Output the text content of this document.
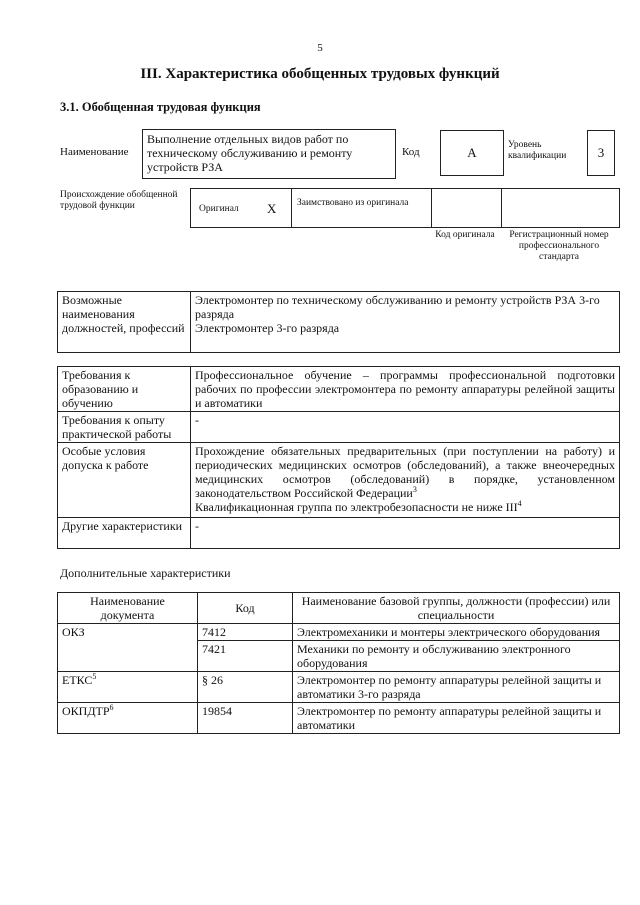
5
III. Характеристика обобщенных трудовых функций
3.1. Обобщенная трудовая функция
Наименование
Выполнение отдельных видов работ по техническому обслуживанию и ремонту устройств РЗА
Код	А	Уровень квалификации	3
Происхождение обобщенной трудовой функции	Оригинал X Заимствовано из оригинала
Код оригинала	Регистрационный номер профессионального стандарта
Возможные наименования должностей, профессий	
Электромонтер по техническому обслуживанию и ремонту устройств РЗА 3-го разряда
Электромонтер 3-го разряда
Требования к образованию и обучению	Профессиональное обучение – программы профессиональной подготовки рабочих по профессии электромонтера по ремонту аппаратуры релейной защиты и автоматики
Требования к опыту практической работы	-
Особые условия допуска к работе	Прохождение обязательных предварительных (при поступлении на работу) и периодических медицинских осмотров (обследований), а также внеочередных медицинских осмотров (обследований) в порядке, установленном законодательством Российской Федерации$^3$
Квалификационная группа по электробезопасности не ниже III$^4$

Другие характеристики	-
Дополнительные характеристики
Наименование документа	Код	Наименование базовой группы, должности (профессии) или специальности
ОКЗ	7412	Электромеханики и монтеры электрического оборудования
	7421	Механики по ремонту и обслуживанию электронного оборудования
ЕТКС$^5$	§ 26	Электромонтер по ремонту аппаратуры релейной защиты и автоматики 3-го разряда
ОКПДТР$^6$	19854	Электромонтер по ремонту аппаратуры релейной защиты и автоматики
